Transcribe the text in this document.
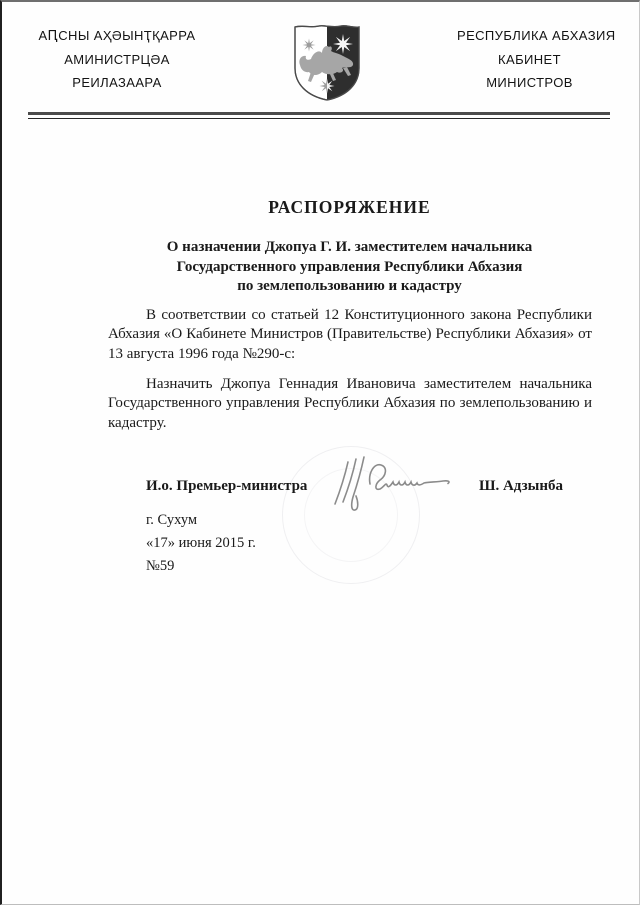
АԤСНЫ АҲӘЫНҬҚАРРА
АМИНИСТРЦӘА
РЕИЛАЗААРА
РЕСПУБЛИКА АБХАЗИЯ
КАБИНЕТ
МИНИСТРОВ
РАСПОРЯЖЕНИЕ
О назначении Джопуа Г. И. заместителем начальника
Государственного управления Республики Абхазия
по землепользованию и кадастру
В соответствии со статьей 12 Конституционного закона Республики Абхазия «О Кабинете Министров (Правительстве) Республики Абхазия» от 13 августа 1996 года №290-с:
Назначить Джопуа Геннадия Ивановича заместителем начальника Государственного управления Республики Абхазия по землепользованию и кадастру.
И.о. Премьер-министра	Ш. Адзынба
г. Сухум
«17» июня 2015 г.
№59
